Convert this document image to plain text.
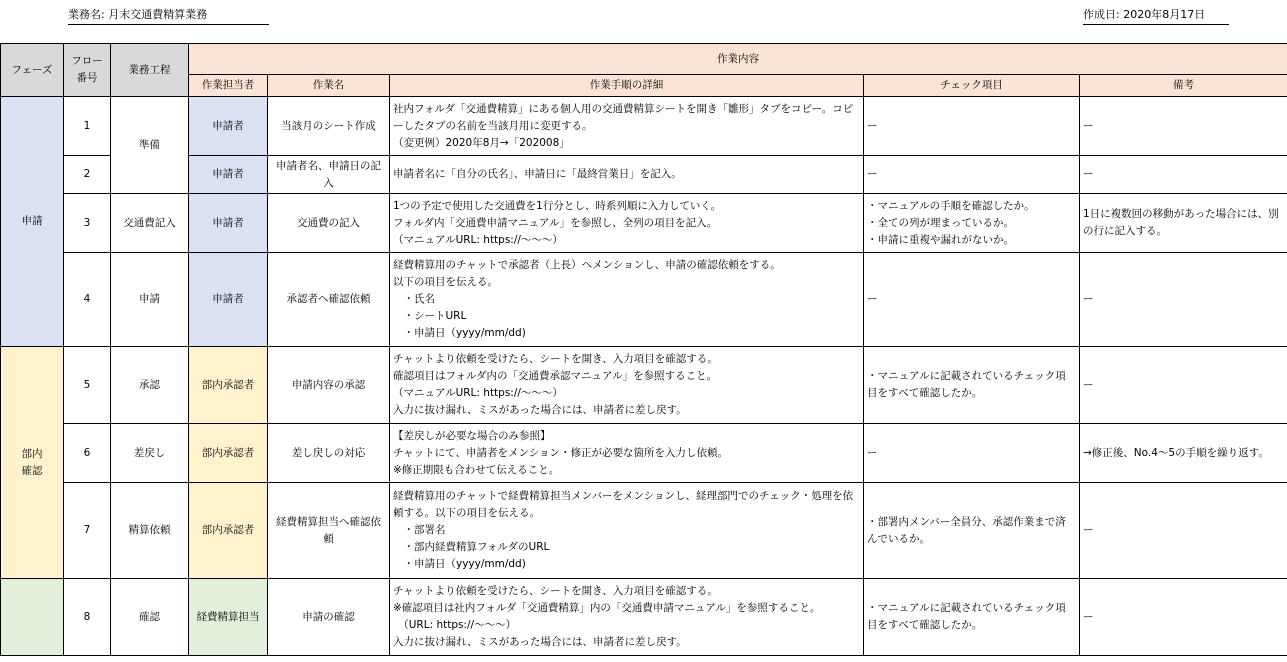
業務名: 月末交通費精算業務	作成日: 2020年8月17日
フェーズ	フロー番号	業務工程	作業内容				
			作業担当者	作業名	作業手順の詳細	チェック項目	備考
申請	1	準備	申請者	当該月のシート作成	社内フォルダ「交通費精算」にある個人用の交通費精算シートを開き「雛形」タブをコピー。コピーしたタブの名前を当該月用に変更する。
（変更例）2020年8月→「202008」	ー	ー
	2		申請者	申請者名、申請日の記入	申請者名に「自分の氏名」、申請日に「最終営業日」を記入。	ー	ー
	3	交通費記入	申請者	交通費の記入	1つの予定で使用した交通費を1行分とし、時系列順に入力していく。
フォルダ内「交通費申請マニュアル」を参照し、全列の項目を記入。
（マニュアルURL: https://～～～）	・マニュアルの手順を確認したか。
・全ての列が埋まっているか。
・申請に重複や漏れがないか。	1日に複数回の移動があった場合には、別の行に記入する。
	4	申請	申請者	承認者へ確認依頼	経費精算用のチャットで承認者（上長）へメンションし、申請の確認依頼をする。
以下の項目を伝える。
　・氏名
　・シートURL
　・申請日（yyyy/mm/dd)	ー	ー
部内
確認	5	承認	部内承認者	申請内容の承認	チャットより依頼を受けたら、シートを開き、入力項目を確認する。
確認項目はフォルダ内の「交通費承認マニュアル」を参照すること。
（マニュアルURL: https://～～～）
入力に抜け漏れ、ミスがあった場合には、申請者に差し戻す。	・マニュアルに記載されているチェック項目をすべて確認したか。	ー
	6	差戻し	部内承認者	差し戻しの対応	【差戻しが必要な場合のみ参照】
チャットにて、申請者をメンション・修正が必要な箇所を入力し依頼。
※修正期限も合わせて伝えること。	ー	→修正後、No.4～5の手順を繰り返す。
	7	精算依頼	部内承認者	経費精算担当へ確認依頼	経費精算用のチャットで経費精算担当メンバーをメンションし、経理部門でのチェック・処理を依頼する。以下の項目を伝える。
　・部署名
　・部内経費精算フォルダのURL
　・申請日（yyyy/mm/dd)	・部署内メンバー全員分、承認作業まで済んでいるか。	ー
	8	確認	経費精算担当	申請の確認	チャットより依頼を受けたら、シートを開き、入力項目を確認する。
※確認項目は社内フォルダ「交通費精算」内の「交通費申請マニュアル」を参照すること。
　（URL: https://～～～）
入力に抜け漏れ、ミスがあった場合には、申請者に差し戻す。	・マニュアルに記載されているチェック項目をすべて確認したか。	ー
